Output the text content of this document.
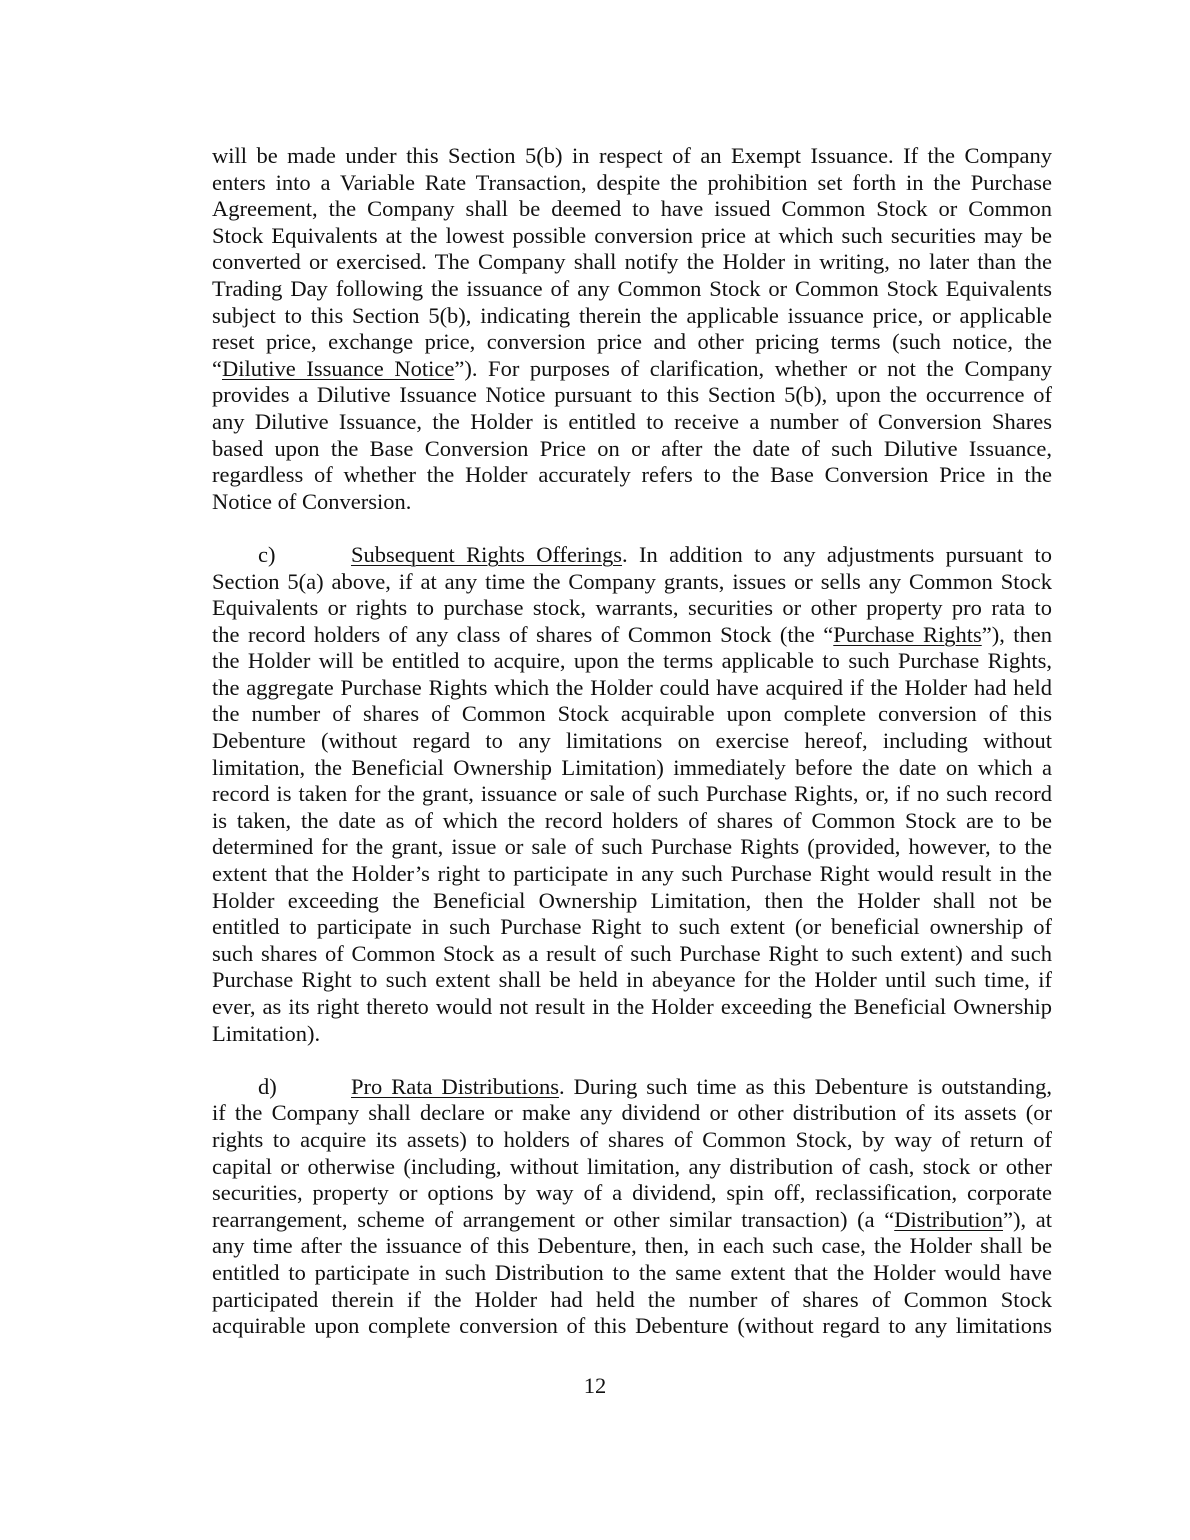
will be made under this Section 5(b) in respect of an Exempt Issuance. If the Company
enters into a Variable Rate Transaction, despite the prohibition set forth in the Purchase
Agreement, the Company shall be deemed to have issued Common Stock or Common
Stock Equivalents at the lowest possible conversion price at which such securities may be
converted or exercised. The Company shall notify the Holder in writing, no later than the
Trading Day following the issuance of any Common Stock or Common Stock Equivalents
subject to this Section 5(b), indicating therein the applicable issuance price, or applicable
reset price, exchange price, conversion price and other pricing terms (such notice, the
“Dilutive Issuance Notice”). For purposes of clarification, whether or not the Company
provides a Dilutive Issuance Notice pursuant to this Section 5(b), upon the occurrence of
any Dilutive Issuance, the Holder is entitled to receive a number of Conversion Shares
based upon the Base Conversion Price on or after the date of such Dilutive Issuance,
regardless of whether the Holder accurately refers to the Base Conversion Price in the
Notice of Conversion.
c)	Subsequent Rights Offerings. In addition to any adjustments pursuant to
Section 5(a) above, if at any time the Company grants, issues or sells any Common Stock
Equivalents or rights to purchase stock, warrants, securities or other property pro rata to
the record holders of any class of shares of Common Stock (the “Purchase Rights”), then
the Holder will be entitled to acquire, upon the terms applicable to such Purchase Rights,
the aggregate Purchase Rights which the Holder could have acquired if the Holder had held
the number of shares of Common Stock acquirable upon complete conversion of this
Debenture (without regard to any limitations on exercise hereof, including without
limitation, the Beneficial Ownership Limitation) immediately before the date on which a
record is taken for the grant, issuance or sale of such Purchase Rights, or, if no such record
is taken, the date as of which the record holders of shares of Common Stock are to be
determined for the grant, issue or sale of such Purchase Rights (provided, however, to the
extent that the Holder’s right to participate in any such Purchase Right would result in the
Holder exceeding the Beneficial Ownership Limitation, then the Holder shall not be
entitled to participate in such Purchase Right to such extent (or beneficial ownership of
such shares of Common Stock as a result of such Purchase Right to such extent) and such
Purchase Right to such extent shall be held in abeyance for the Holder until such time, if
ever, as its right thereto would not result in the Holder exceeding the Beneficial Ownership
Limitation).
d)	Pro Rata Distributions. During such time as this Debenture is outstanding,
if the Company shall declare or make any dividend or other distribution of its assets (or
rights to acquire its assets) to holders of shares of Common Stock, by way of return of
capital or otherwise (including, without limitation, any distribution of cash, stock or other
securities, property or options by way of a dividend, spin off, reclassification, corporate
rearrangement, scheme of arrangement or other similar transaction) (a “Distribution”), at
any time after the issuance of this Debenture, then, in each such case, the Holder shall be
entitled to participate in such Distribution to the same extent that the Holder would have
participated therein if the Holder had held the number of shares of Common Stock
acquirable upon complete conversion of this Debenture (without regard to any limitations
12
